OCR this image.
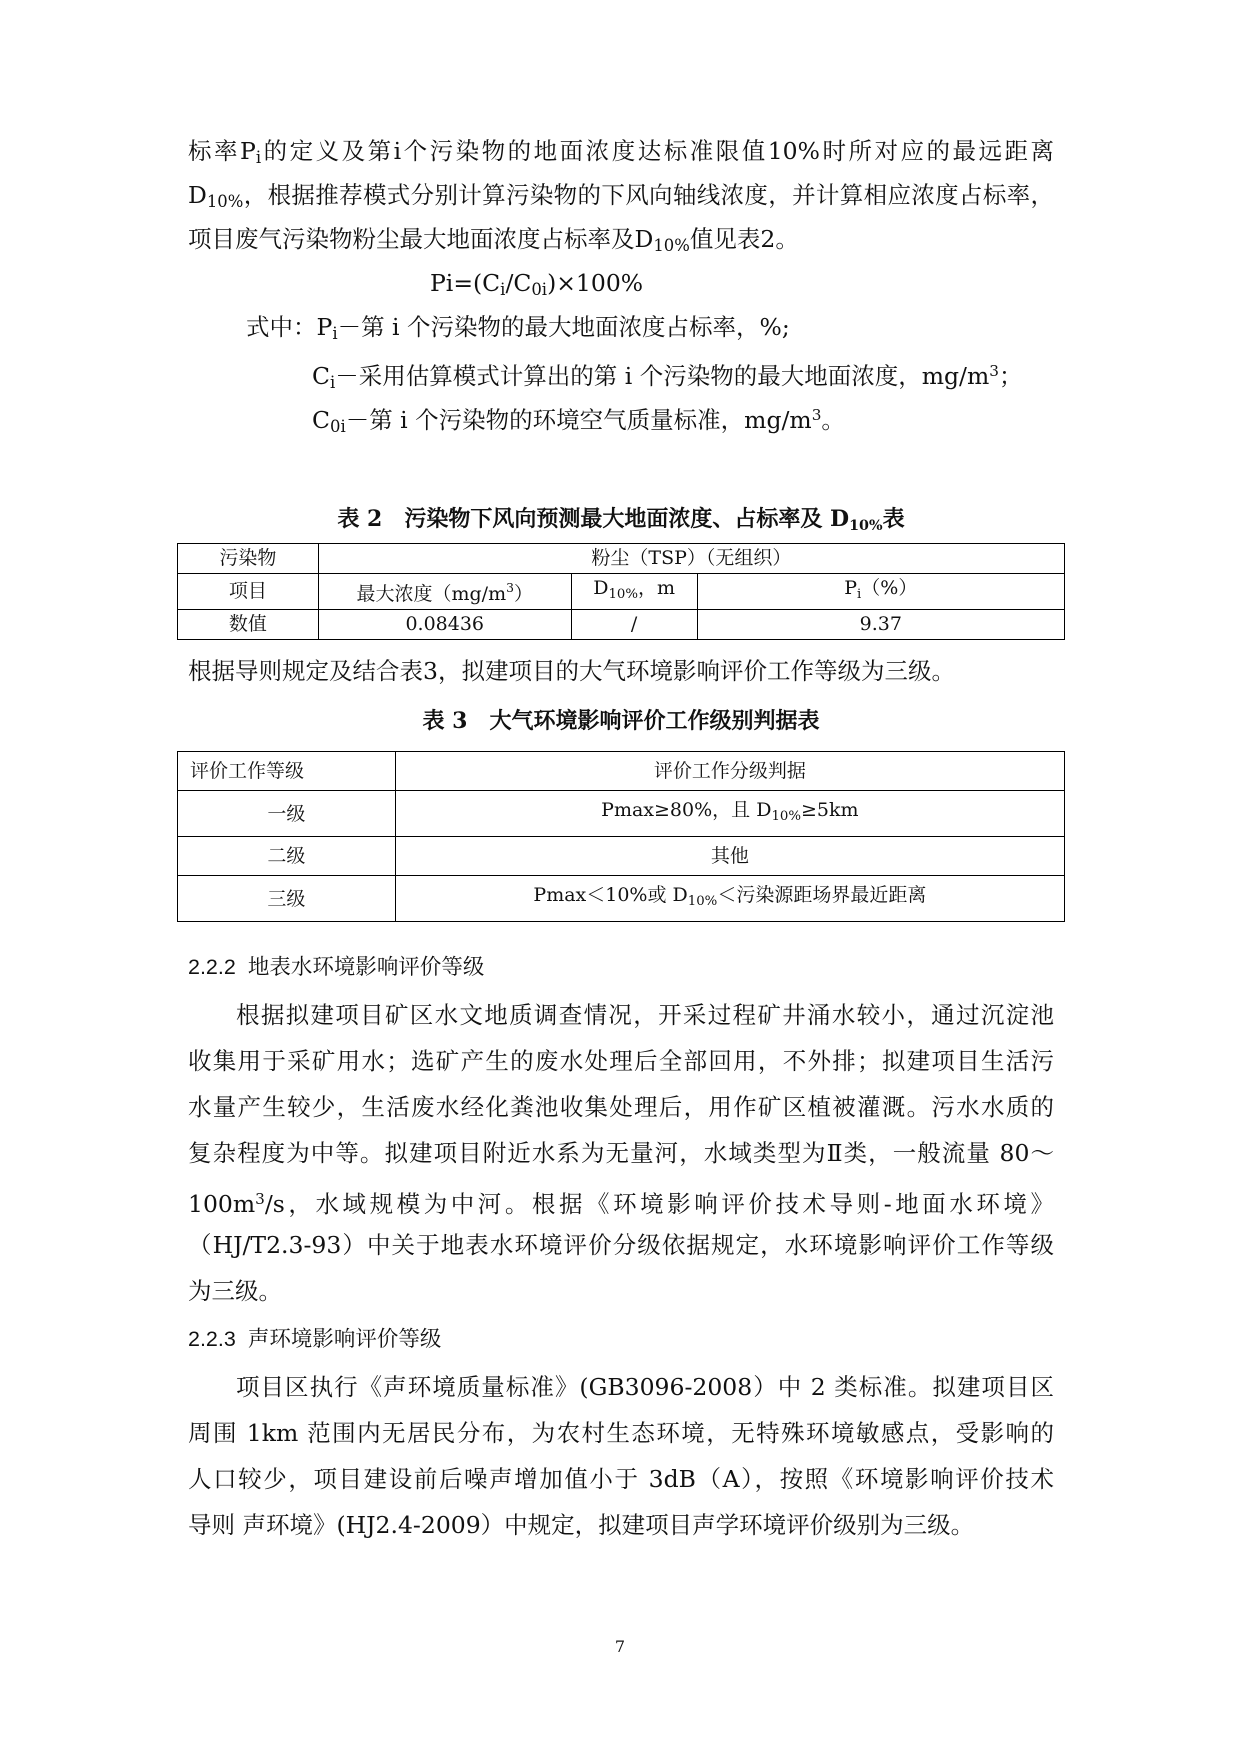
标率Pi的定义及第i个污染物的地面浓度达标准限值10%时所对应的最远距离
D10%，根据推荐模式分别计算污染物的下风向轴线浓度，并计算相应浓度占标率，
项目废气污染物粉尘最大地面浓度占标率及D10%值见表2。
Pi=(Ci/C0i)×100%
式中：Pi－第 i 个污染物的最大地面浓度占标率，%;
Ci－采用估算模式计算出的第 i 个污染物的最大地面浓度，$mg/m^3$；
C0i－第 i 个污染物的环境空气质量标准，$mg/m^3$。
表 2　污染物下风向预测最大地面浓度、占标率及 D10%表
污染物	粉尘（TSP）（无组织）		
项目	最大浓度$(mg/m^3)$	$D_{10\%}$，m	$P_i(\%)$
数值	0.08436	/	9.37
根据导则规定及结合表3，拟建项目的大气环境影响评价工作等级为三级。
表 3　大气环境影响评价工作级别判据表
评价工作等级	评价工作分级判据
一级	Pmax≥80%，且 $D_{10\%}\ge 5km$
二级	其他
三级	Pmax＜10%或 $D_{10\%}<$污染源距场界最近距离
2.2.2 地表水环境影响评价等级
根据拟建项目矿区水文地质调查情况，开采过程矿井涌水较小，通过沉淀池
收集用于采矿用水；选矿产生的废水处理后全部回用，不外排；拟建项目生活污
水量产生较少，生活废水经化粪池收集处理后，用作矿区植被灌溉。污水水质的
复杂程度为中等。拟建项目附近水系为无量河，水域类型为Ⅱ类，一般流量 80～
$100m^3/s$，水域规模为中河。根据《环境影响评价技术导则-地面水环境》
（HJ/T2.3-93）中关于地表水环境评价分级依据规定，水环境影响评价工作等级
为三级。
2.2.3 声环境影响评价等级
项目区执行《声环境质量标准》(GB3096-2008）中 2 类标准。拟建项目区
周围 1km 范围内无居民分布，为农村生态环境，无特殊环境敏感点，受影响的
人口较少，项目建设前后噪声增加值小于 3dB（A），按照《环境影响评价技术
导则 声环境》(HJ2.4-2009）中规定，拟建项目声学环境评价级别为三级。
7
